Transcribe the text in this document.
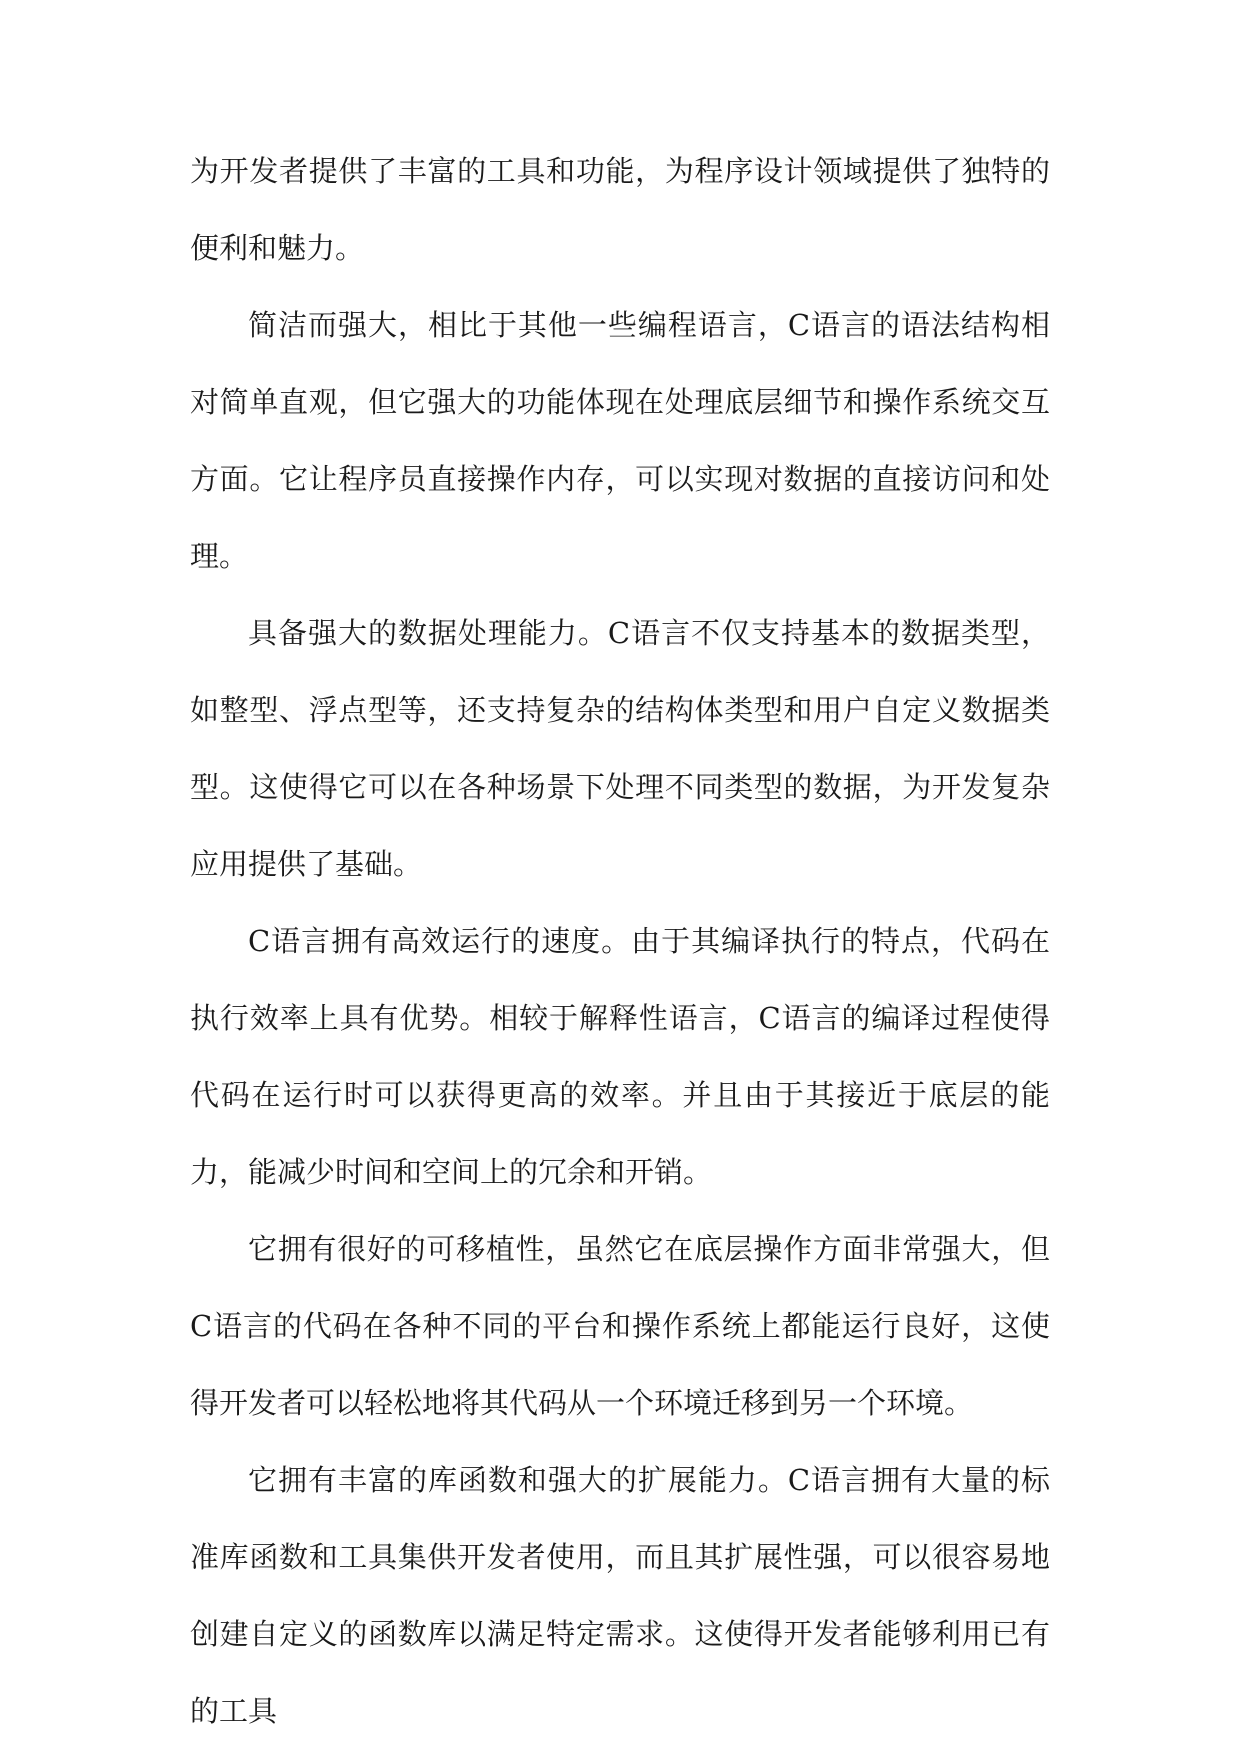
为开发者提供了丰富的工具和功能，为程序设计领域提供了独特的便利和魅力。

简洁而强大，相比于其他一些编程语言，C语言的语法结构相对简单直观，但它强大的功能体现在处理底层细节和操作系统交互方面。它让程序员直接操作内存，可以实现对数据的直接访问和处理。

具备强大的数据处理能力。C语言不仅支持基本的数据类型，如整型、浮点型等，还支持复杂的结构体类型和用户自定义数据类型。这使得它可以在各种场景下处理不同类型的数据，为开发复杂应用提供了基础。

C语言拥有高效运行的速度。由于其编译执行的特点，代码在执行效率上具有优势。相较于解释性语言，C语言的编译过程使得代码在运行时可以获得更高的效率。并且由于其接近于底层的能力，能减少时间和空间上的冗余和开销。

它拥有很好的可移植性，虽然它在底层操作方面非常强大，但C语言的代码在各种不同的平台和操作系统上都能运行良好，这使得开发者可以轻松地将其代码从一个环境迁移到另一个环境。

它拥有丰富的库函数和强大的扩展能力。C语言拥有大量的标准库函数和工具集供开发者使用，而且其扩展性强，可以很容易地创建自定义的函数库以满足特定需求。这使得开发者能够利用已有的工具
